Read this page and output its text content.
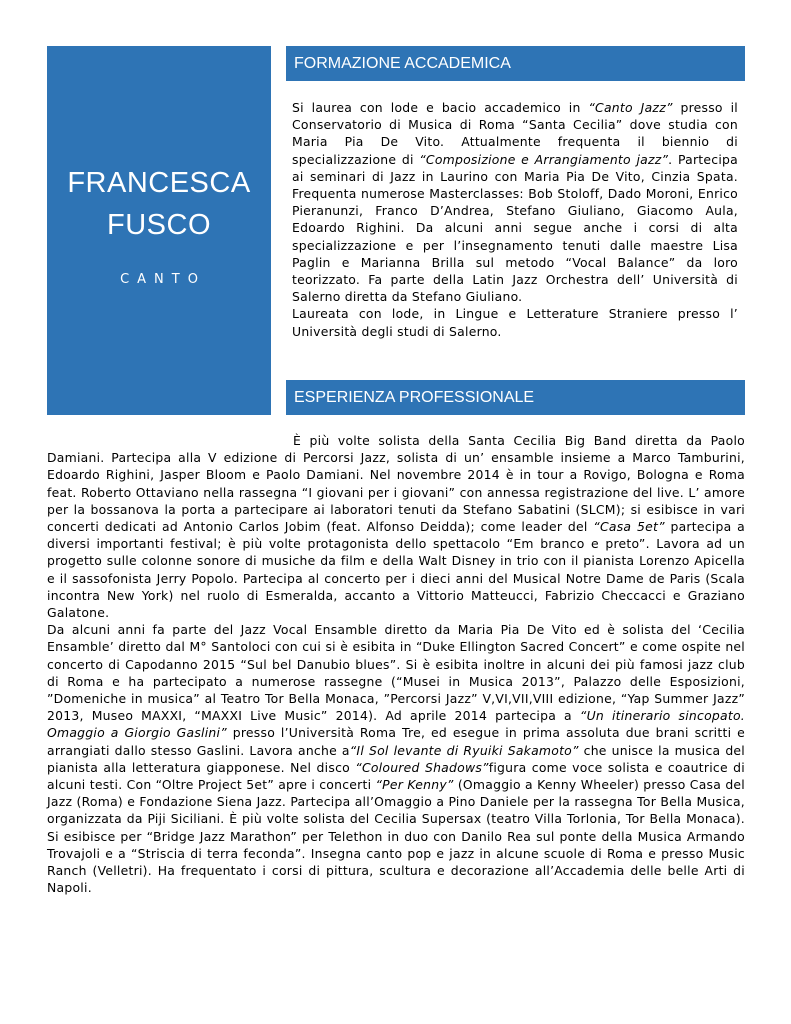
FRANCESCA
FUSCO
CANTO
FORMAZIONE ACCADEMICA

Si laurea con lode e bacio accademico in “Canto Jazz” presso il Conservatorio di Musica di Roma “Santa Cecilia” dove studia con Maria Pia De Vito. Attualmente frequenta il biennio di specializzazione di “Composizione e Arrangiamento jazz”. Partecipa ai seminari di Jazz in Laurino con Maria Pia De Vito, Cinzia Spata. Frequenta numerose Masterclasses: Bob Stoloff, Dado Moroni, Enrico Pieranunzi, Franco D’Andrea, Stefano Giuliano, Giacomo Aula, Edoardo Righini. Da alcuni anni segue anche i corsi di alta specializzazione e per l’insegnamento tenuti dalle maestre Lisa Paglin e Marianna Brilla sul metodo “Vocal Balance” da loro teorizzato. Fa parte della Latin Jazz Orchestra dell’ Università di Salerno diretta da Stefano Giuliano.

Laureata con lode, in Lingue e Letterature Straniere presso l’ Università degli studi di Salerno.

ESPERIENZA PROFESSIONALE

È più volte solista della Santa Cecilia Big Band diretta da Paolo Damiani. Partecipa alla V edizione di Percorsi Jazz, solista di un’ ensamble insieme a Marco Tamburini, Edoardo Righini, Jasper Bloom e Paolo Damiani. Nel novembre 2014 è in tour a Rovigo, Bologna e Roma feat. Roberto Ottaviano nella rassegna “I giovani per i giovani” con annessa registrazione del live. L’ amore per la bossanova la porta a partecipare ai laboratori tenuti da Stefano Sabatini (SLCM); si esibisce in vari concerti dedicati ad Antonio Carlos Jobim (feat. Alfonso Deidda); come leader del “Casa 5et” partecipa a diversi importanti festival; è più volte protagonista dello spettacolo “Em branco e preto”. Lavora ad un progetto sulle colonne sonore di musiche da film e della Walt Disney in trio con il pianista Lorenzo Apicella e il sassofonista Jerry Popolo. Partecipa al concerto per i dieci anni del Musical Notre Dame de Paris (Scala incontra New York) nel ruolo di Esmeralda, accanto a Vittorio Matteucci, Fabrizio Checcacci e Graziano Galatone.

Da alcuni anni fa parte del Jazz Vocal Ensamble diretto da Maria Pia De Vito ed è solista del ‘Cecilia Ensamble’ diretto dal M° Santoloci con cui si è esibita in “Duke Ellington Sacred Concert” e come ospite nel concerto di Capodanno 2015 “Sul bel Danubio blues”. Si è esibita inoltre in alcuni dei più famosi jazz club di Roma e ha partecipato a numerose rassegne (“Musei in Musica 2013”, Palazzo delle Esposizioni, ”Domeniche in musica” al Teatro Tor Bella Monaca, ”Percorsi Jazz” V,VI,VII,VIII edizione, “Yap Summer Jazz” 2013, Museo MAXXI, “MAXXI Live Music” 2014). Ad aprile 2014 partecipa a “Un itinerario sincopato. Omaggio a Giorgio Gaslini” presso l’Università Roma Tre, ed esegue in prima assoluta due brani scritti e arrangiati dallo stesso Gaslini. Lavora anche a“Il Sol levante di Ryuiki Sakamoto” che unisce la musica del pianista alla letteratura giapponese. Nel disco “Coloured Shadows”figura come voce solista e coautrice di alcuni testi. Con “Oltre Project 5et” apre i concerti “Per Kenny” (Omaggio a Kenny Wheeler) presso Casa del Jazz (Roma) e Fondazione Siena Jazz. Partecipa all’Omaggio a Pino Daniele per la rassegna Tor Bella Musica, organizzata da Piji Siciliani. È più volte solista del Cecilia Supersax (teatro Villa Torlonia, Tor Bella Monaca). Si esibisce per “Bridge Jazz Marathon” per Telethon in duo con Danilo Rea sul ponte della Musica Armando Trovajoli e a “Striscia di terra feconda”. Insegna canto pop e jazz in alcune scuole di Roma e presso Music Ranch (Velletri). Ha frequentato i corsi di pittura, scultura e decorazione all’Accademia delle belle Arti di Napoli.
